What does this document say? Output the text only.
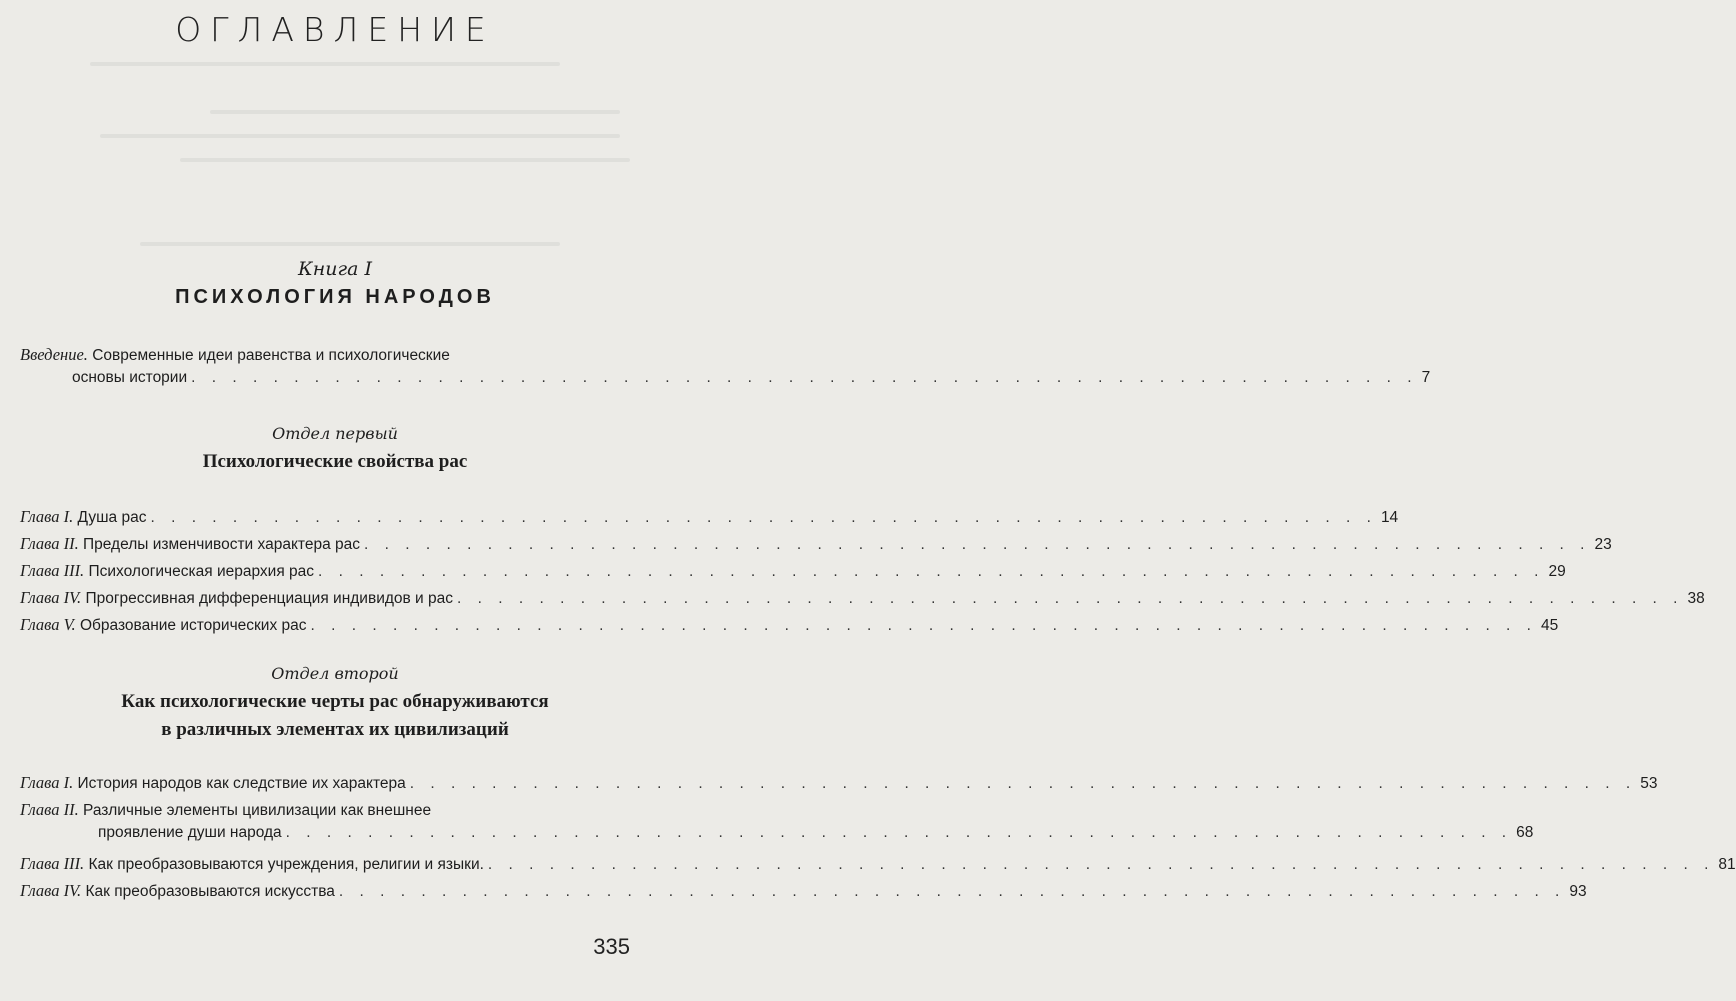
ОГЛАВЛЕНИЕ
Книга I
ПСИХОЛОГИЯ НАРОДОВ
Введение. Современные идеи равенства и психологические
основы истории . . . . . . . . . . . . . . . . . . . . . . . . . . . . . . . . . . . . . . . . . . . . . . . . . . . . . . . . . . . . 7
Отдел первый
Психологические свойства рас
Глава I. Душа рас . . . . . . . . . . . . . . . . . . . . . . . . . . . . . . . . . . . . . . . . . . . . . . . . . . . . . . . . . . . . 14
Глава II. Пределы изменчивости характера рас . . . . . . . . . . . . . . . . . . . . . . . . . . . . . . . . . . . . . . . . . . . . . . . . . . . . . . . . . . . . 23
Глава III. Психологическая иерархия рас . . . . . . . . . . . . . . . . . . . . . . . . . . . . . . . . . . . . . . . . . . . . . . . . . . . . . . . . . . . . 29
Глава IV. Прогрессивная дифференциация индивидов и рас . . . . . . . . . . . . . . . . . . . . . . . . . . . . . . . . . . . . . . . . . . . . . . . . . . . . . . . . . . . . 38
Глава V. Образование исторических рас . . . . . . . . . . . . . . . . . . . . . . . . . . . . . . . . . . . . . . . . . . . . . . . . . . . . . . . . . . . . 45
Отдел второй
Как психологические черты рас обнаруживаются
в различных элементах их цивилизаций
Глава I. История народов как следствие их характера . . . . . . . . . . . . . . . . . . . . . . . . . . . . . . . . . . . . . . . . . . . . . . . . . . . . . . . . . . . . 53
Глава II. Различные элементы цивилизации как внешнее
проявление души народа . . . . . . . . . . . . . . . . . . . . . . . . . . . . . . . . . . . . . . . . . . . . . . . . . . . . . . . . . . . . 68
Глава III. Как преобразовываются учреждения, религии и языки. . . . . . . . . . . . . . . . . . . . . . . . . . . . . . . . . . . . . . . . . . . . . . . . . . . . . . . . . . . . . 81
Глава IV. Как преобразовываются искусства . . . . . . . . . . . . . . . . . . . . . . . . . . . . . . . . . . . . . . . . . . . . . . . . . . . . . . . . . . . . 93
335
